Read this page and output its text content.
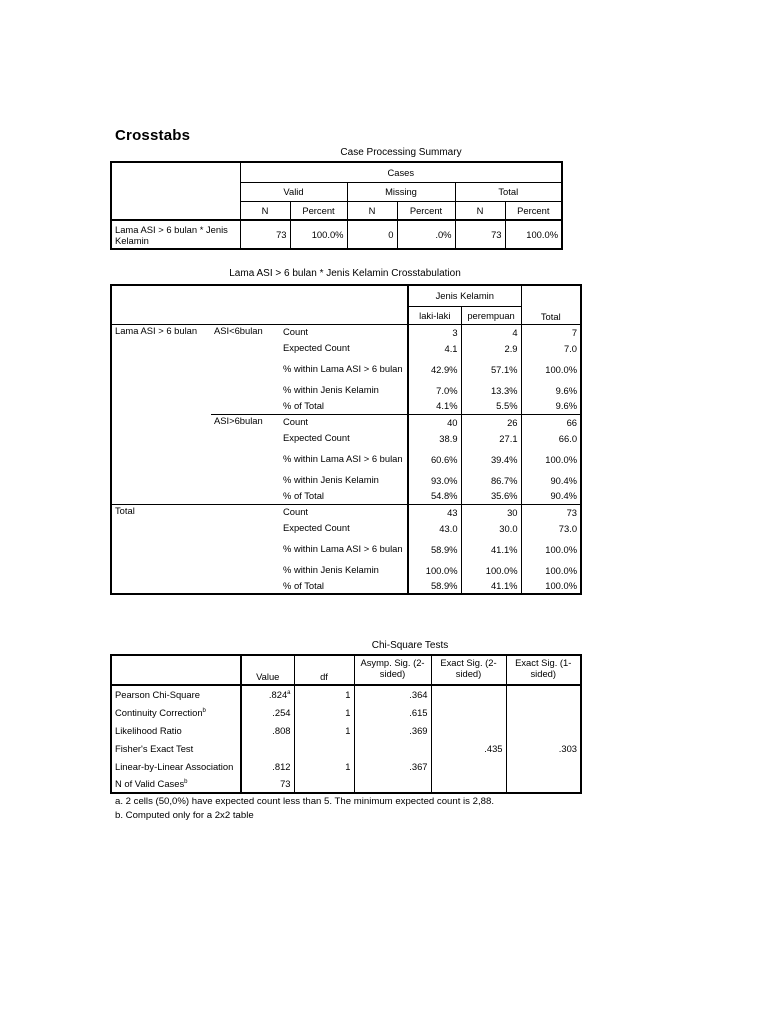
Crosstabs
Case Processing Summary
	Cases					
	Valid		Missing		Total	
	N	Percent	N	Percent	N	Percent
Lama ASI > 6 bulan * Jenis Kelamin	73	100.0%	0	.0%	73	100.0%
Lama ASI > 6 bulan * Jenis Kelamin Crosstabulation
			Jenis Kelamin		Total
			laki-laki	perempuan	
Lama ASI > 6 bulan	ASI<6bulan	Count	3	4	7
		Expected Count	4.1	2.9	7.0
		% within Lama ASI > 6 bulan	42.9%	57.1%	100.0%
		% within Jenis Kelamin	7.0%	13.3%	9.6%
		% of Total	4.1%	5.5%	9.6%
	ASI>6bulan	Count	40	26	66
		Expected Count	38.9	27.1	66.0
		% within Lama ASI > 6 bulan	60.6%	39.4%	100.0%
		% within Jenis Kelamin	93.0%	86.7%	90.4%
		% of Total	54.8%	35.6%	90.4%
Total		Count	43	30	73
		Expected Count	43.0	30.0	73.0
		% within Lama ASI > 6 bulan	58.9%	41.1%	100.0%
		% within Jenis Kelamin	100.0%	100.0%	100.0%
		% of Total	58.9%	41.1%	100.0%
Chi-Square Tests
	Value	df	Asymp. Sig. (2-sided)	Exact Sig. (2-sided)	Exact Sig. (1-sided)
Pearson Chi-Square	.824$^a$	1	.364		
Continuity Correction$^b$	.254	1	.615		
Likelihood Ratio	.808	1	.369		
Fisher's Exact Test				.435	.303
Linear-by-Linear Association	.812	1	.367		
N of Valid Cases$^b$	73				
a. 2 cells (50,0%) have expected count less than 5. The minimum expected count is 2,88.
b. Computed only for a 2x2 table
